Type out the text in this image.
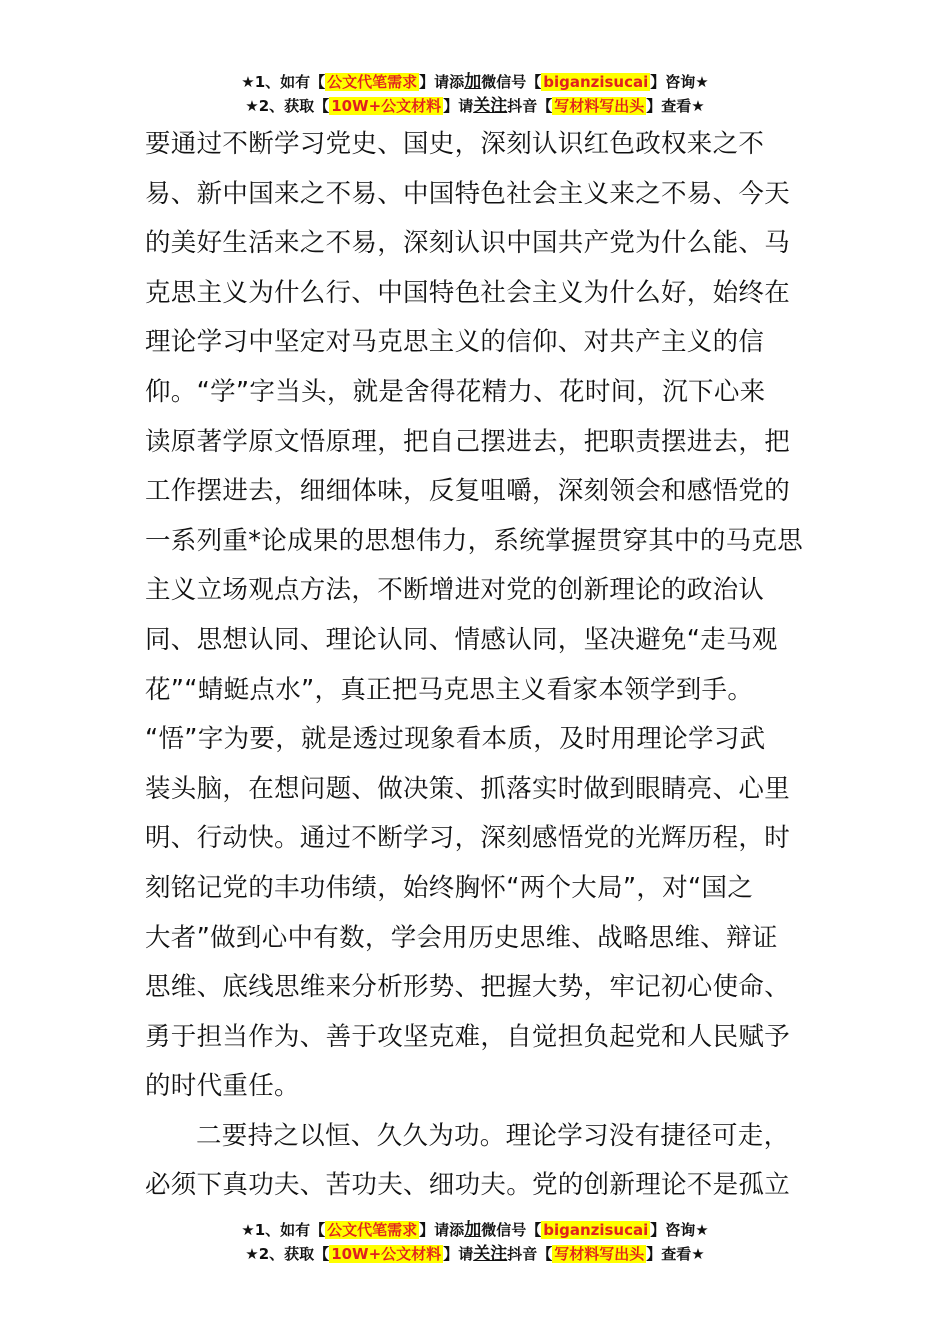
★1、如有【 公文代笔需求 】请添加微信号【 biganzisucai 】咨询★
★2、获取【 10W+公文材料 】请关注抖音【 写材料写出头 】查看★
要通过不断学习党史、国史，深刻认识红色政权来之不
易、新中国来之不易、中国特色社会主义来之不易、今天
的美好生活来之不易，深刻认识中国共产党为什么能、马
克思主义为什么行、中国特色社会主义为什么好，始终在
理论学习中坚定对马克思主义的信仰、对共产主义的信
仰。“学”字当头，就是舍得花精力、花时间，沉下心来
读原著学原文悟原理，把自己摆进去，把职责摆进去，把
工作摆进去，细细体味，反复咀嚼，深刻领会和感悟党的
一系列重*论成果的思想伟力，系统掌握贯穿其中的马克思
主义立场观点方法，不断增进对党的创新理论的政治认
同、思想认同、理论认同、情感认同，坚决避免“走马观
花”“蜻蜓点水”，真正把马克思主义看家本领学到手。
“悟”字为要，就是透过现象看本质，及时用理论学习武
装头脑，在想问题、做决策、抓落实时做到眼睛亮、心里
明、行动快。通过不断学习，深刻感悟党的光辉历程，时
刻铭记党的丰功伟绩，始终胸怀“两个大局”，对“国之
大者”做到心中有数，学会用历史思维、战略思维、辩证
思维、底线思维来分析形势、把握大势，牢记初心使命、
勇于担当作为、善于攻坚克难，自觉担负起党和人民赋予
的时代重任。
二要持之以恒、久久为功。理论学习没有捷径可走，
必须下真功夫、苦功夫、细功夫。党的创新理论不是孤立
★1、如有【 公文代笔需求 】请添加微信号【 biganzisucai 】咨询★
★2、获取【 10W+公文材料 】请关注抖音【 写材料写出头 】查看★
